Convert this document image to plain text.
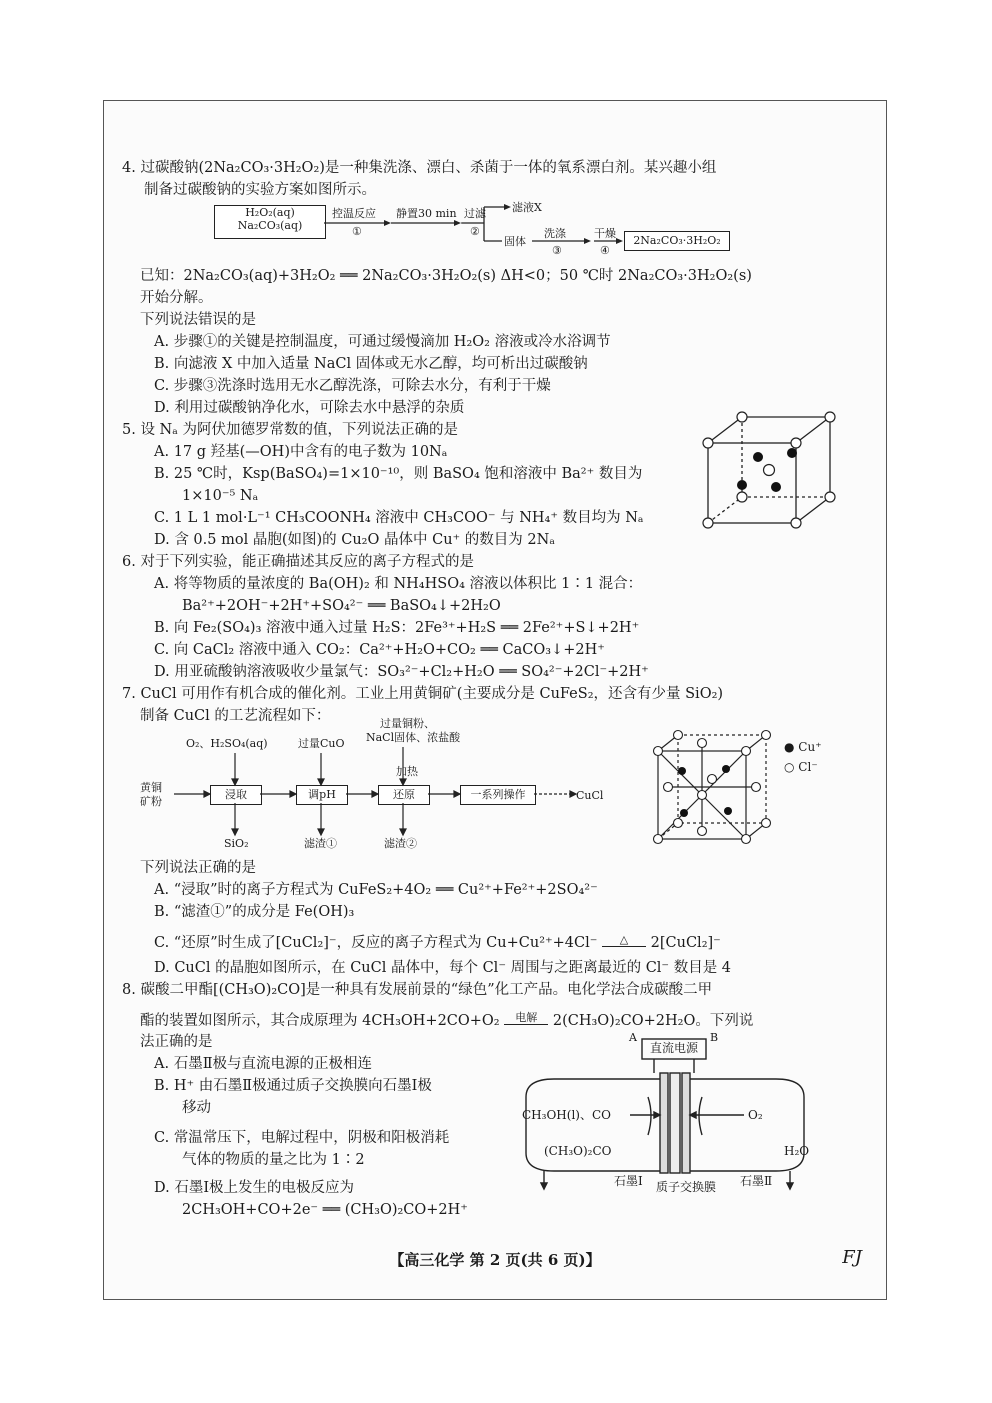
4. 过碳酸钠(2Na₂CO₃·3H₂O₂)是一种集洗涤、漂白、杀菌于一体的氧系漂白剂。某兴趣小组
制备过碳酸钠的实验方案如图所示。
H₂O₂(aq)
Na₂CO₃(aq)
控温反应
①
静置30 min 过滤
②
滤液X
固体
洗涤
③
干燥
④
2Na₂CO₃·3H₂O₂
已知：2Na₂CO₃(aq)+3H₂O₂ ══ 2Na₂CO₃·3H₂O₂(s) ΔH<0；50 ℃时 2Na₂CO₃·3H₂O₂(s)
开始分解。
下列说法错误的是
A. 步骤①的关键是控制温度，可通过缓慢滴加 H₂O₂ 溶液或冷水浴调节
B. 向滤液 X 中加入适量 NaCl 固体或无水乙醇，均可析出过碳酸钠
C. 步骤③洗涤时选用无水乙醇洗涤，可除去水分，有利于干燥
D. 利用过碳酸钠净化水，可除去水中悬浮的杂质
5. 设 Nₐ 为阿伏加德罗常数的值，下列说法正确的是
A. 17 g 羟基(—OH)中含有的电子数为 10Nₐ
B. 25 ℃时，Ksp(BaSO₄)=1×10⁻¹⁰，则 BaSO₄ 饱和溶液中 Ba²⁺ 数目为
1×10⁻⁵ Nₐ
C. 1 L 1 mol·L⁻¹ CH₃COONH₄ 溶液中 CH₃COO⁻ 与 NH₄⁺ 数目均为 Nₐ
D. 含 0.5 mol 晶胞(如图)的 Cu₂O 晶体中 Cu⁺ 的数目为 2Nₐ
6. 对于下列实验，能正确描述其反应的离子方程式的是
A. 将等物质的量浓度的 Ba(OH)₂ 和 NH₄HSO₄ 溶液以体积比 1∶1 混合：
Ba²⁺+2OH⁻+2H⁺+SO₄²⁻ ══ BaSO₄↓+2H₂O
B. 向 Fe₂(SO₄)₃ 溶液中通入过量 H₂S：2Fe³⁺+H₂S ══ 2Fe²⁺+S↓+2H⁺
C. 向 CaCl₂ 溶液中通入 CO₂：Ca²⁺+H₂O+CO₂ ══ CaCO₃↓+2H⁺
D. 用亚硫酸钠溶液吸收少量氯气：SO₃²⁻+Cl₂+H₂O ══ SO₄²⁻+2Cl⁻+2H⁺
7. CuCl 可用作有机合成的催化剂。工业上用黄铜矿(主要成分是 CuFeS₂，还含有少量 SiO₂)
制备 CuCl 的工艺流程如下：
O₂、H₂SO₄(aq)	过量CuO
过量铜粉、
NaCl固体、浓盐酸
加热
黄铜
矿粉
浸取	调pH	还原	一系列操作	CuCl
SiO₂	滤渣①	滤渣②
● Cu⁺
○ Cl⁻
下列说法正确的是
A. “浸取”时的离子方程式为 CuFeS₂+4O₂ ══ Cu²⁺+Fe²⁺+2SO₄²⁻
B. “滤渣①”的成分是 Fe(OH)₃
C. “还原”时生成了[CuCl₂]⁻，反应的离子方程式为 Cu+Cu²⁺+4Cl⁻ △ 2[CuCl₂]⁻
D. CuCl 的晶胞如图所示，在 CuCl 晶体中，每个 Cl⁻ 周围与之距离最近的 Cl⁻ 数目是 4
8. 碳酸二甲酯[(CH₃O)₂CO]是一种具有发展前景的“绿色”化工产品。电化学法合成碳酸二甲
酯的装置如图所示，其合成原理为 4CH₃OH+2CO+O₂ 电解 2(CH₃O)₂CO+2H₂O。下列说
法正确的是
A. 石墨Ⅱ极与直流电源的正极相连
B. H⁺ 由石墨Ⅱ极通过质子交换膜向石墨Ⅰ极
移动
C. 常温常压下，电解过程中，阴极和阳极消耗
气体的物质的量之比为 1∶2
D. 石墨Ⅰ极上发生的电极反应为
2CH₃OH+CO+2e⁻ ══ (CH₃O)₂CO+2H⁺
直流电源
A	B
CH₃OH(l)、CO	O₂
(CH₃O)₂CO	H₂O
石墨Ⅰ 质子交换膜 石墨Ⅱ
【高三化学 第 2 页(共 6 页)】	FJ
